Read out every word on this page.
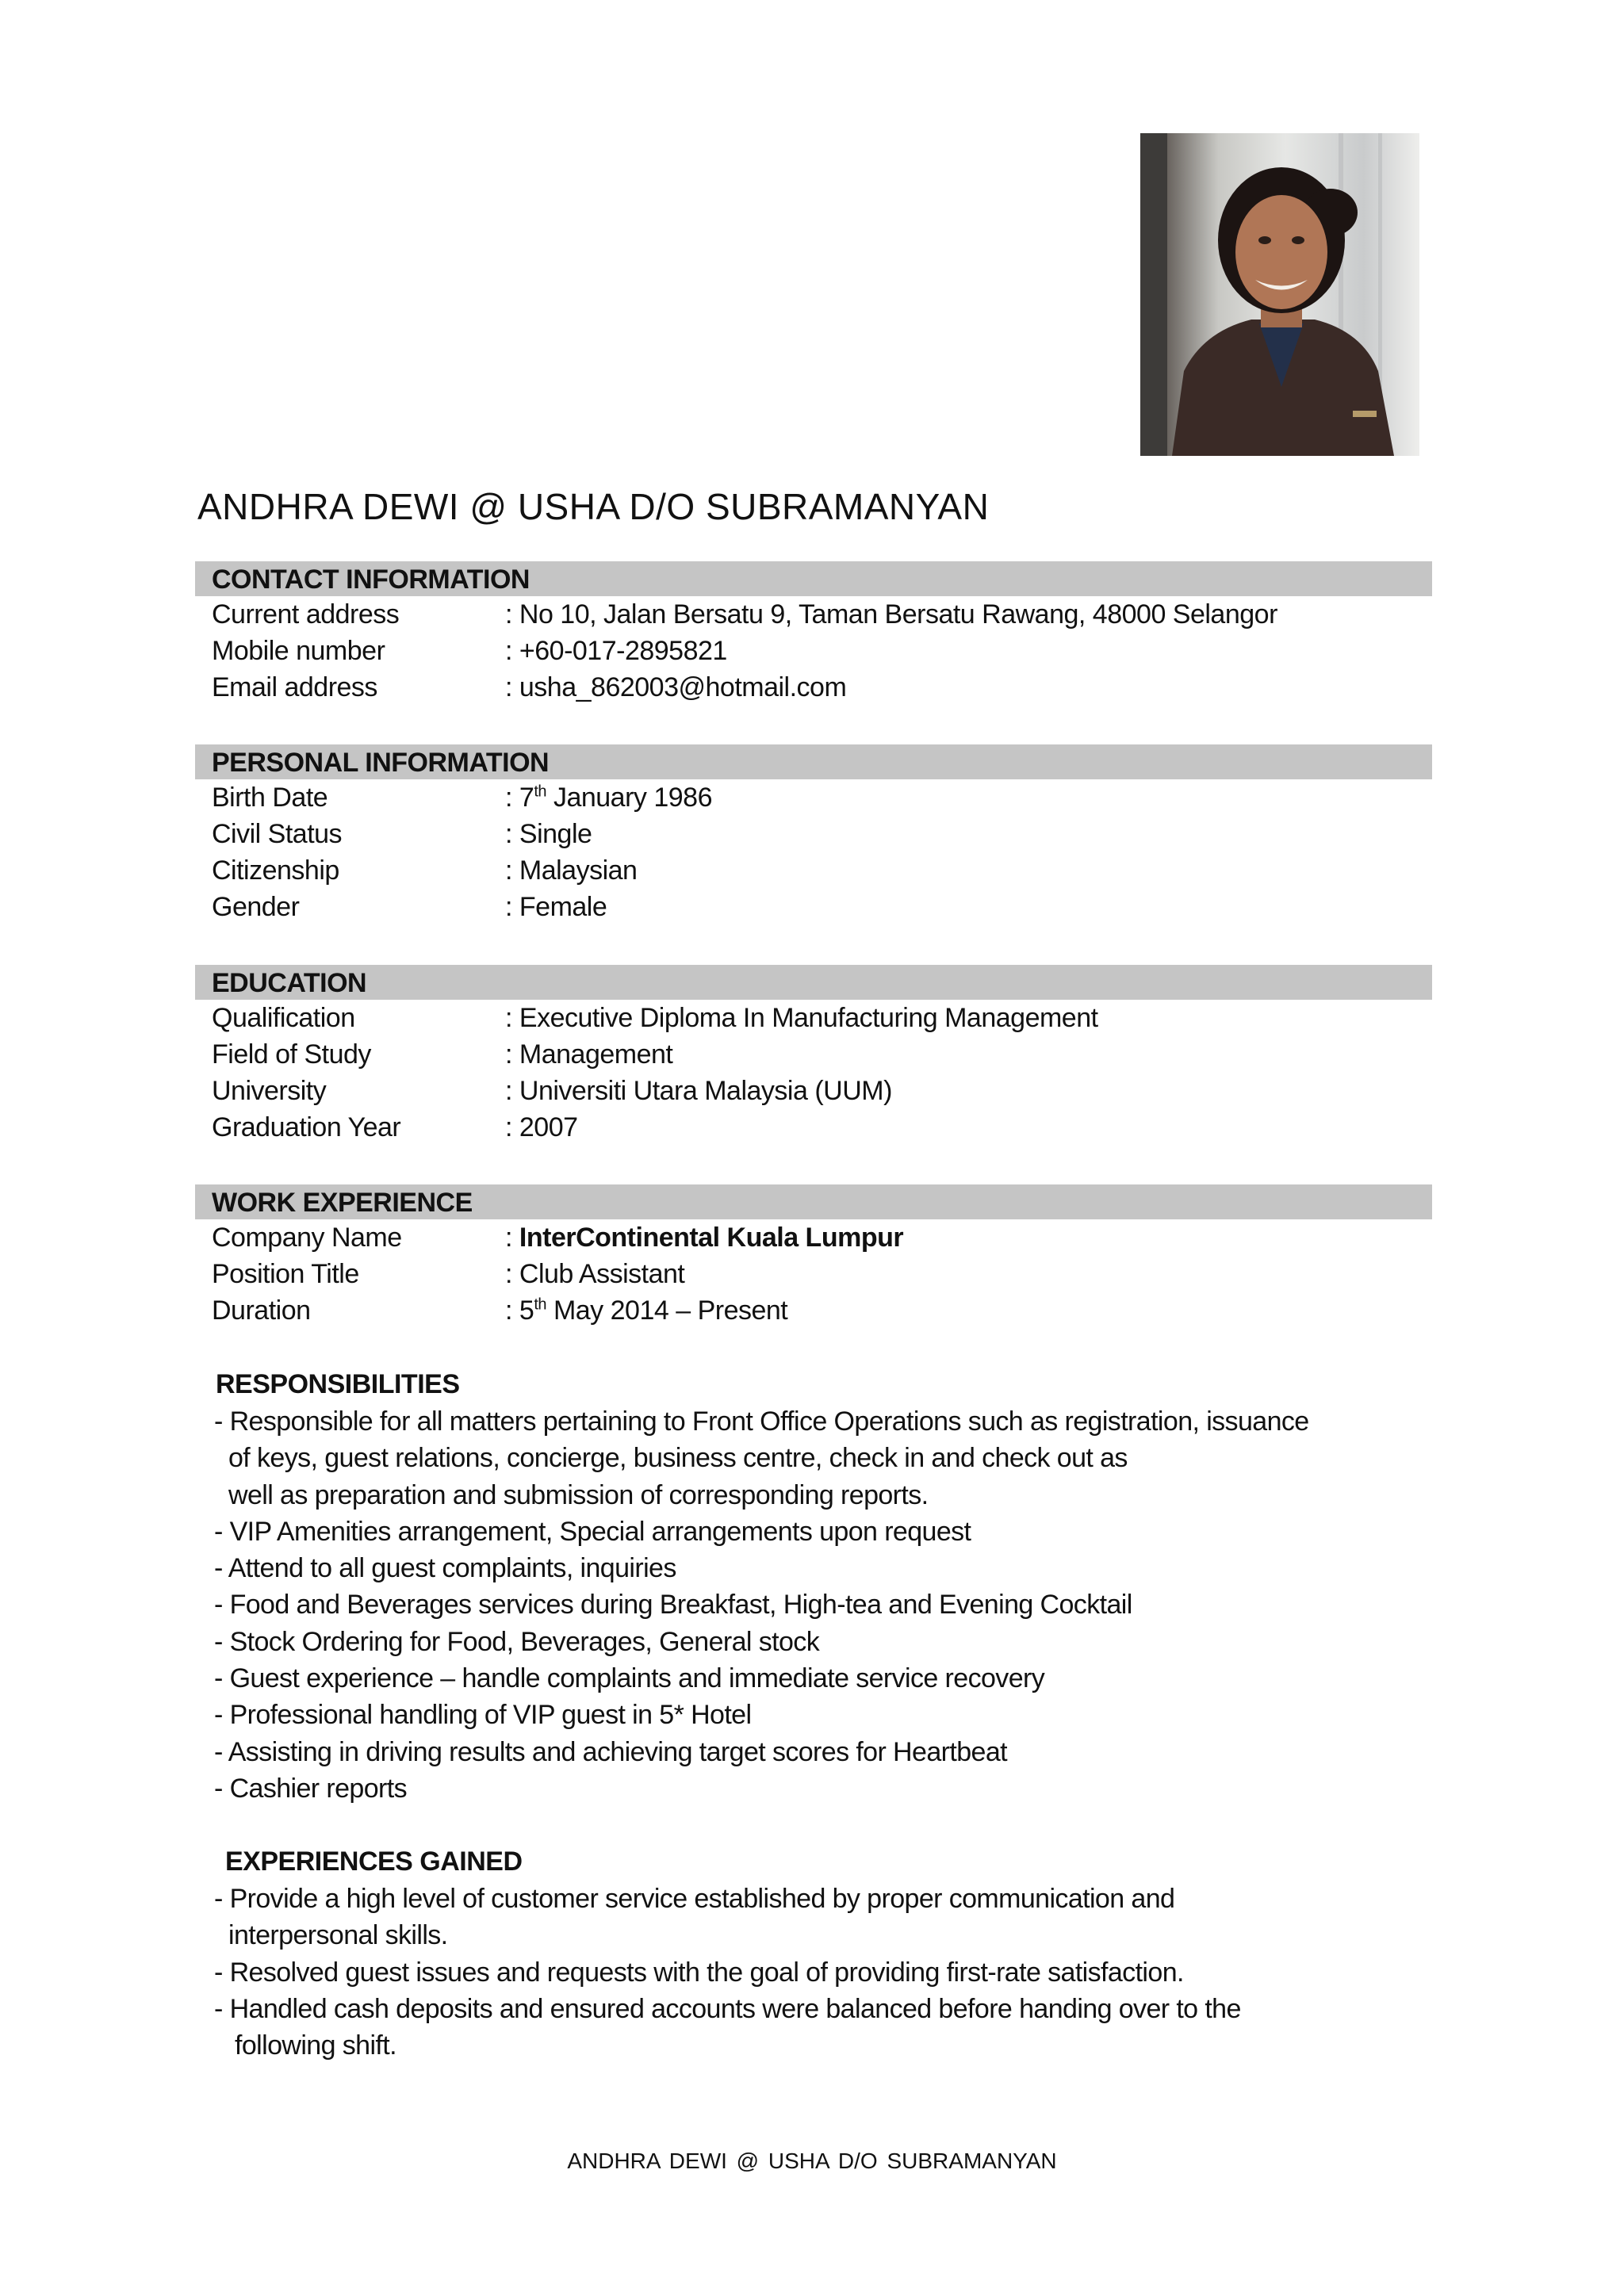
ANDHRA DEWI @ USHA D/O SUBRAMANYAN
CONTACT INFORMATION
Current address	: No 10, Jalan Bersatu 9, Taman Bersatu Rawang, 48000 Selangor
Mobile number	: +60-017-2895821
Email address	: usha_862003@hotmail.com
PERSONAL INFORMATION
Birth Date	: 7th January 1986
Civil Status	: Single
Citizenship	: Malaysian
Gender	: Female
EDUCATION
Qualification	: Executive Diploma In Manufacturing Management
Field of Study	: Management
University	: Universiti Utara Malaysia (UUM)
Graduation Year	: 2007
WORK EXPERIENCE
Company Name	: InterContinental Kuala Lumpur
Position Title	: Club Assistant
Duration	: 5th May 2014 – Present
RESPONSIBILITIES
- Responsible for all matters pertaining to Front Office Operations such as registration, issuance
of keys, guest relations, concierge, business centre, check in and check out as
well as preparation and submission of corresponding reports.
- VIP Amenities arrangement, Special arrangements upon request
- Attend to all guest complaints, inquiries
- Food and Beverages services during Breakfast, High-tea and Evening Cocktail
- Stock Ordering for Food, Beverages, General stock
- Guest experience – handle complaints and immediate service recovery
- Professional handling of VIP guest in 5* Hotel
- Assisting in driving results and achieving target scores for Heartbeat
- Cashier reports
EXPERIENCES GAINED
- Provide a high level of customer service established by proper communication and
interpersonal skills.
- Resolved guest issues and requests with the goal of providing first-rate satisfaction.
- Handled cash deposits and ensured accounts were balanced before handing over to the
following shift.
ANDHRA DEWI @ USHA D/O SUBRAMANYAN
